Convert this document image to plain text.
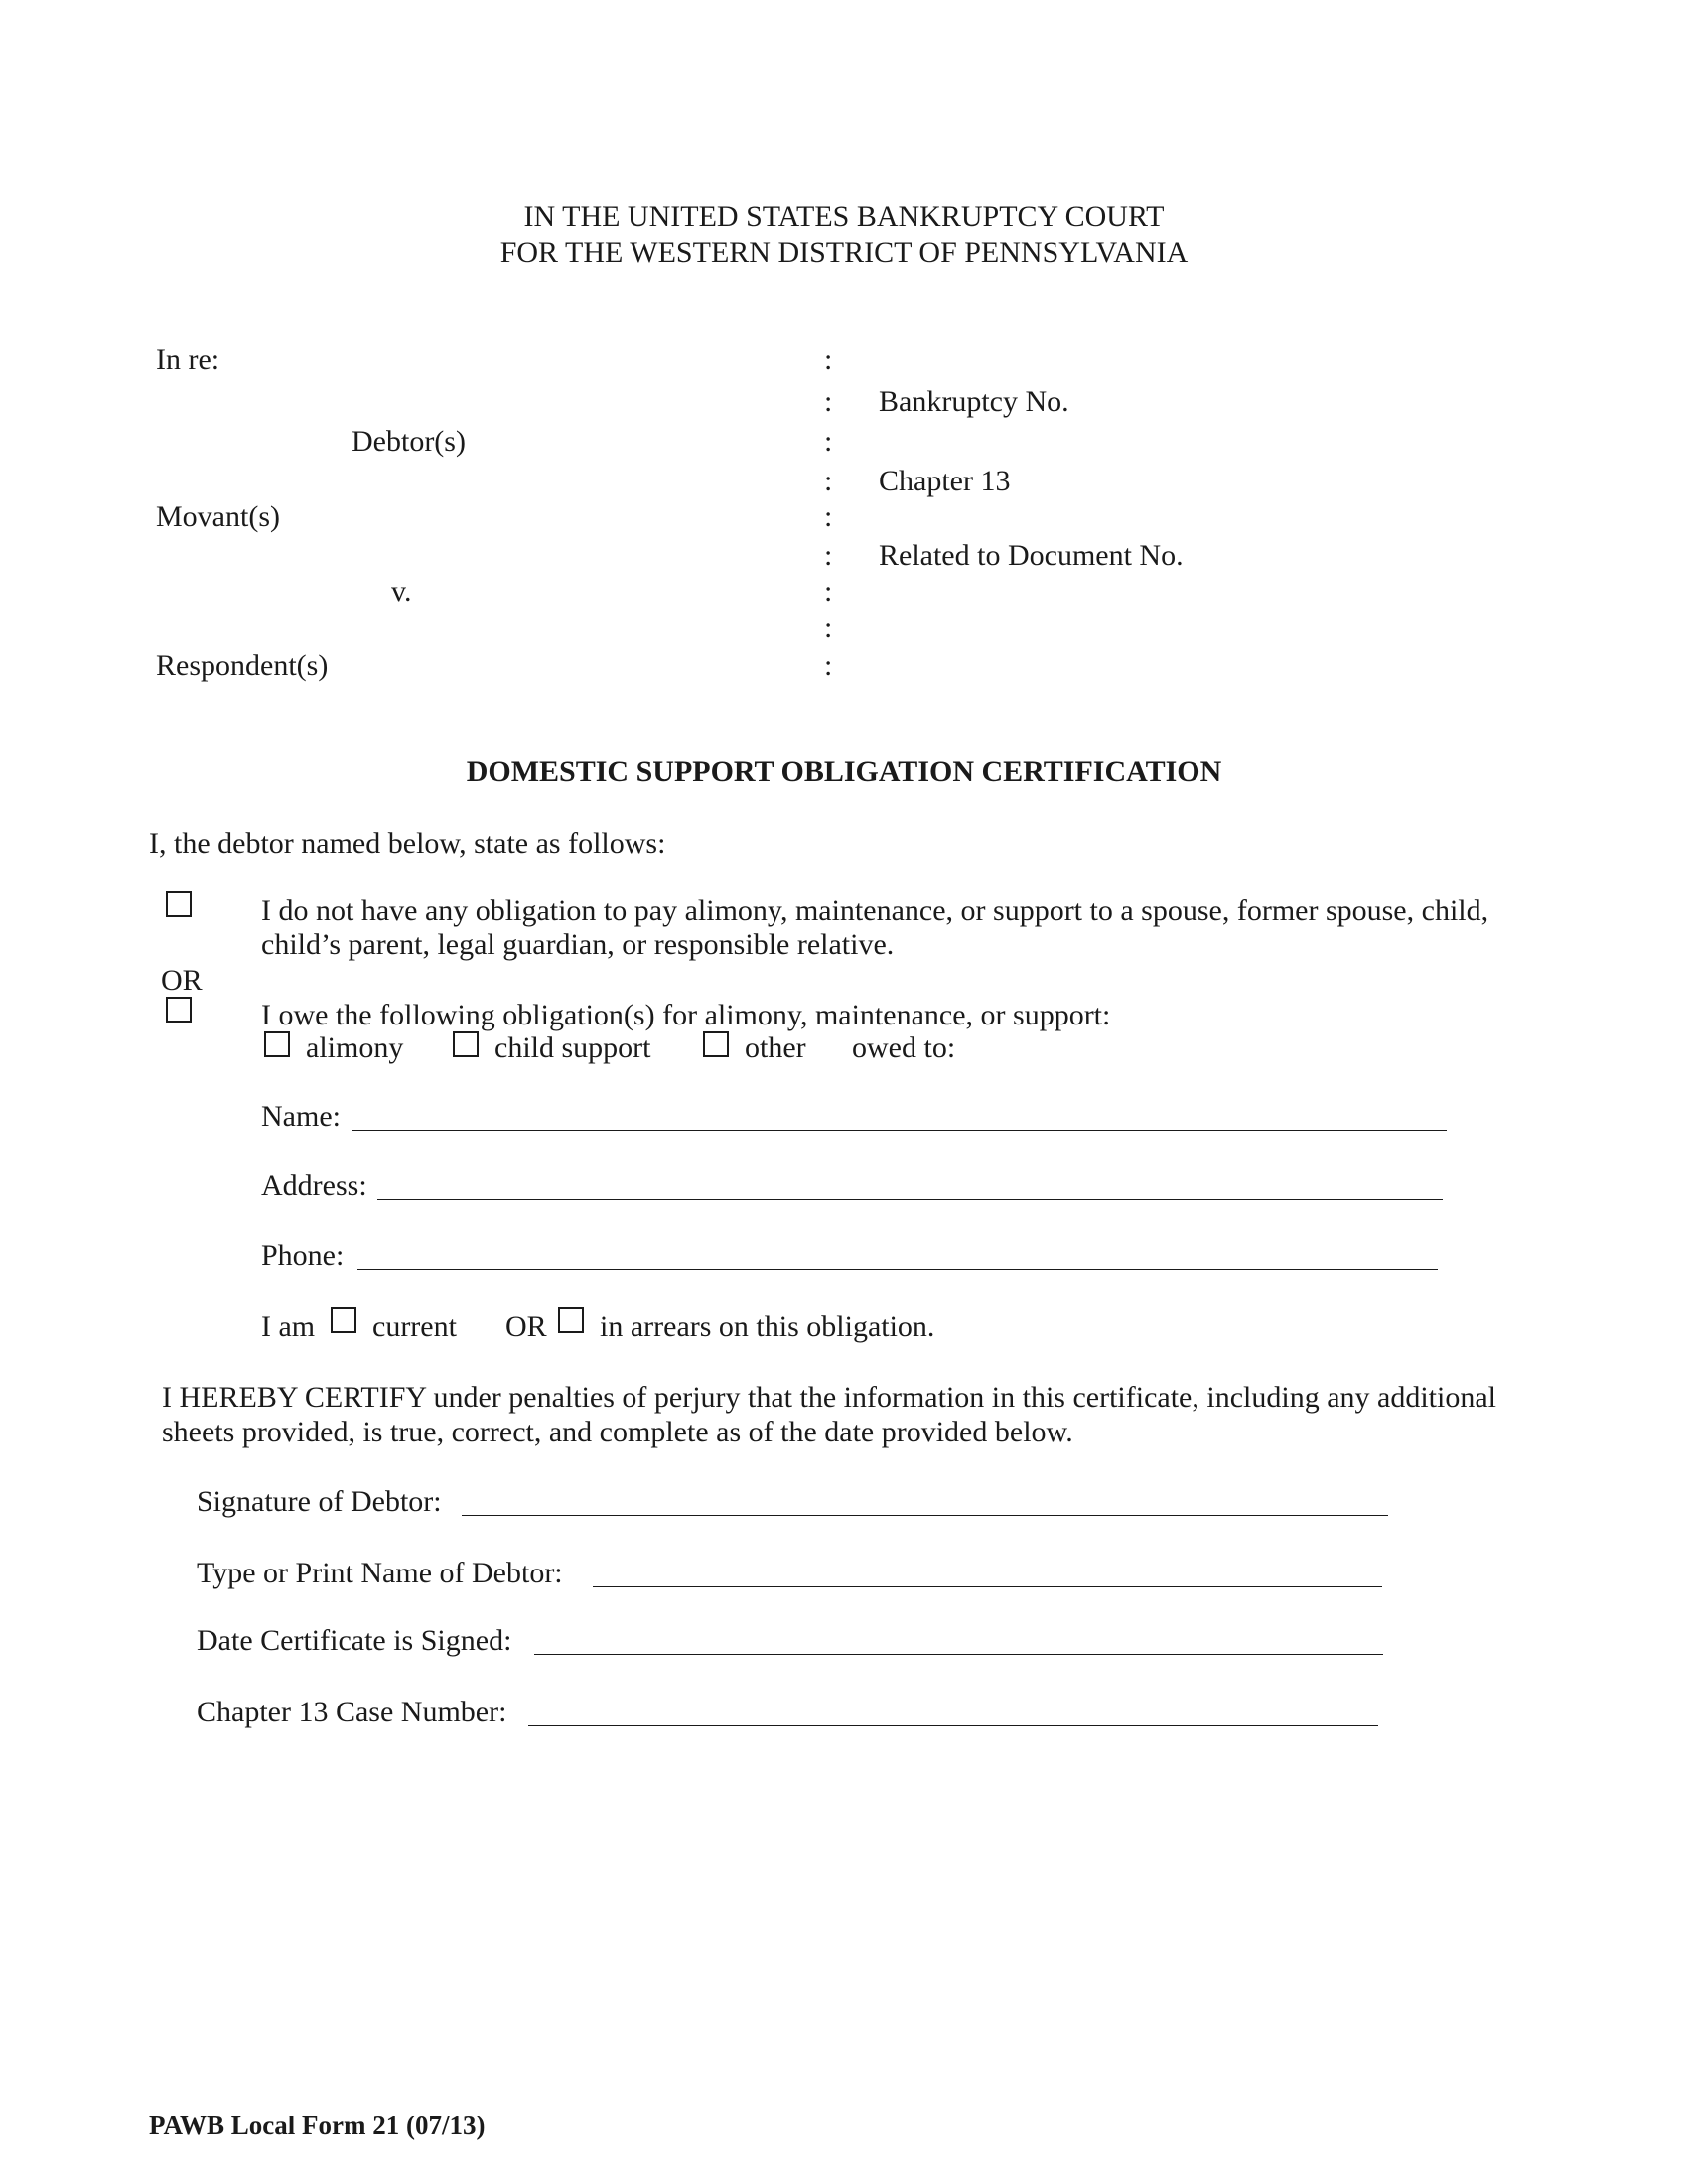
IN THE UNITED STATES BANKRUPTCY COURT
FOR THE WESTERN DISTRICT OF PENNSYLVANIA
In re:
Debtor(s)
Movant(s)
v.
Respondent(s)
:
:
:
:
:
:
:
:
:
Bankruptcy No.
Chapter 13
Related to Document No.
DOMESTIC SUPPORT OBLIGATION CERTIFICATION
I, the debtor named below, state as follows:
I do not have any obligation to pay alimony, maintenance, or support to a spouse, former spouse, child,
child’s parent, legal guardian, or responsible relative.
OR
I owe the following obligation(s) for alimony, maintenance, or support:
alimony	child support	other owed to:
Name:
Address:
Phone:
I am current OR in arrears on this obligation.
I HEREBY CERTIFY under penalties of perjury that the information in this certificate, including any additional
sheets provided, is true, correct, and complete as of the date provided below.
Signature of Debtor:
Type or Print Name of Debtor:
Date Certificate is Signed:
Chapter 13 Case Number:
PAWB Local Form 21 (07/13)
